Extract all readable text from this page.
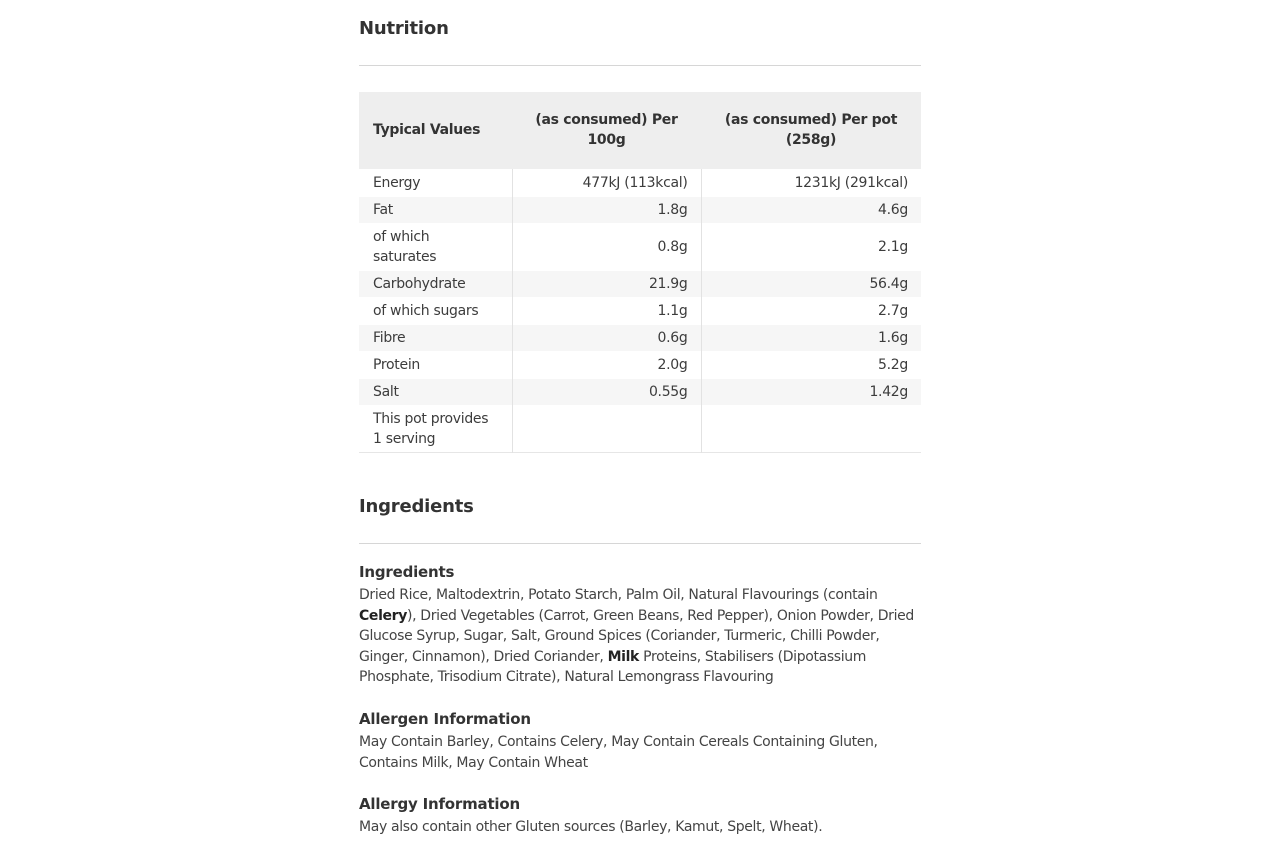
Nutrition
Typical Values	(as consumed) Per 100g	(as consumed) Per pot (258g)
Energy	477kJ (113kcal)	1231kJ (291kcal)
Fat	1.8g	4.6g
of which saturates	0.8g	2.1g
Carbohydrate	21.9g	56.4g
of which sugars	1.1g	2.7g
Fibre	0.6g	1.6g
Protein	2.0g	5.2g
Salt	0.55g	1.42g
This pot provides 1 serving		
Ingredients
Ingredients

Dried Rice, Maltodextrin, Potato Starch, Palm Oil, Natural Flavourings (contain Celery), Dried Vegetables (Carrot, Green Beans, Red Pepper), Onion Powder, Dried Glucose Syrup, Sugar, Salt, Ground Spices (Coriander, Turmeric, Chilli Powder, Ginger, Cinnamon), Dried Coriander, Milk Proteins, Stabilisers (Dipotassium Phosphate, Trisodium Citrate), Natural Lemongrass Flavouring

Allergen Information

May Contain Barley, Contains Celery, May Contain Cereals Containing Gluten, Contains Milk, May Contain Wheat

Allergy Information

May also contain other Gluten sources (Barley, Kamut, Spelt, Wheat).
